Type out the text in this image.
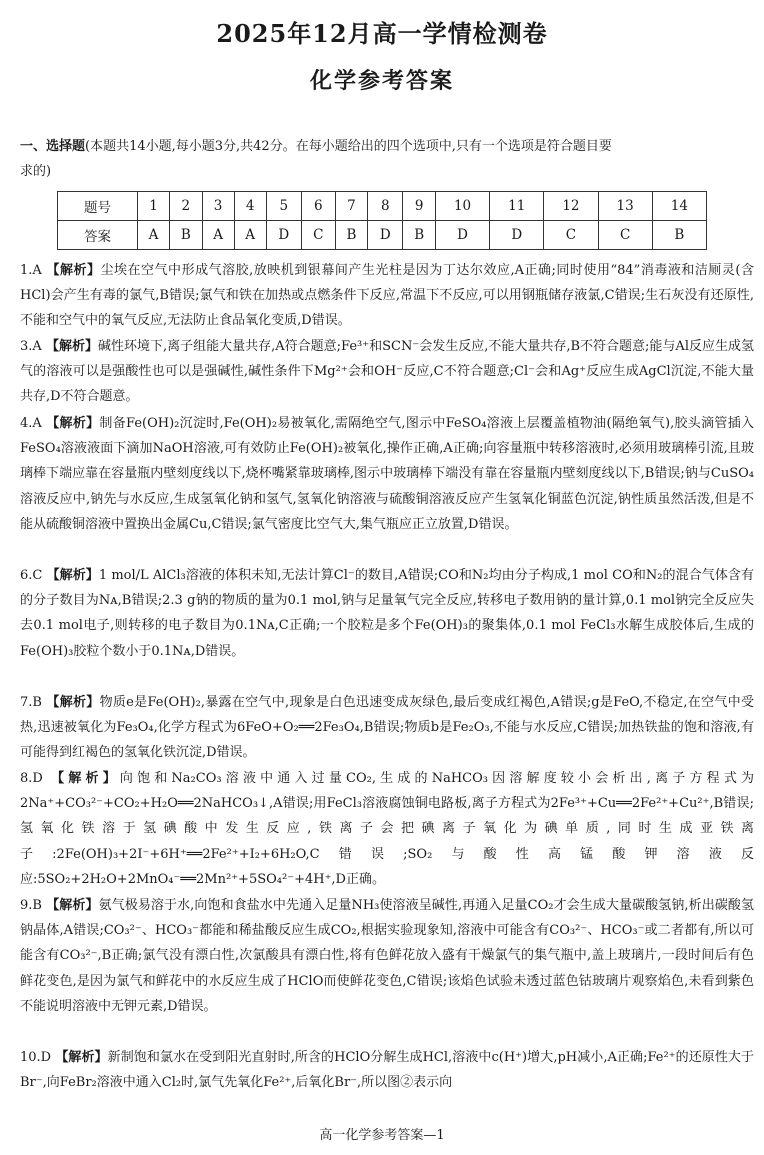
2025年12月高一学情检测卷
化学参考答案
一、选择题(本题共14小题,每小题3分,共42分。在每小题给出的四个选项中,只有一个选项是符合题目要
求的)
题号	1	2	3	4	5	6	7	8	9	10	11	12	13	14
答案	A	B	A	A	D	C	B	D	B	D	D	C	C	B
1.A 【解析】尘埃在空气中形成气溶胶,放映机到银幕间产生光柱是因为丁达尔效应,A正确;同时使用“84”消毒液和洁厕灵(含HCl)会产生有毒的氯气,B错误;氯气和铁在加热或点燃条件下反应,常温下不反应,可以用钢瓶储存液氯,C错误;生石灰没有还原性,不能和空气中的氧气反应,无法防止食品氧化变质,D错误。
3.A 【解析】碱性环境下,离子组能大量共存,A符合题意;Fe³⁺和SCN⁻会发生反应,不能大量共存,B不符合题意;能与Al反应生成氢气的溶液可以是强酸性也可以是强碱性,碱性条件下Mg²⁺会和OH⁻反应,C不符合题意;Cl⁻会和Ag⁺反应生成AgCl沉淀,不能大量共存,D不符合题意。
4.A 【解析】制备Fe(OH)₂沉淀时,Fe(OH)₂易被氧化,需隔绝空气,图示中FeSO₄溶液上层覆盖植物油(隔绝氧气),胶头滴管插入FeSO₄溶液液面下滴加NaOH溶液,可有效防止Fe(OH)₂被氧化,操作正确,A正确;向容量瓶中转移溶液时,必须用玻璃棒引流,且玻璃棒下端应靠在容量瓶内壁刻度线以下,烧杯嘴紧靠玻璃棒,图示中玻璃棒下端没有靠在容量瓶内壁刻度线以下,B错误;钠与CuSO₄溶液反应中,钠先与水反应,生成氢氧化钠和氢气,氢氧化钠溶液与硫酸铜溶液反应产生氢氧化铜蓝色沉淀,钠性质虽然活泼,但是不能从硫酸铜溶液中置换出金属Cu,C错误;氯气密度比空气大,集气瓶应正立放置,D错误。
6.C 【解析】1 mol/L AlCl₃溶液的体积未知,无法计算Cl⁻的数目,A错误;CO和N₂均由分子构成,1 mol CO和N₂的混合气体含有的分子数目为Nᴀ,B错误;2.3 g钠的物质的量为0.1 mol,钠与足量氧气完全反应,转移电子数用钠的量计算,0.1 mol钠完全反应失去0.1 mol电子,则转移的电子数目为0.1Nᴀ,C正确;一个胶粒是多个Fe(OH)₃的聚集体,0.1 mol FeCl₃水解生成胶体后,生成的Fe(OH)₃胶粒个数小于0.1Nᴀ,D错误。
7.B 【解析】物质e是Fe(OH)₂,暴露在空气中,现象是白色迅速变成灰绿色,最后变成红褐色,A错误;g是FeO,不稳定,在空气中受热,迅速被氧化为Fe₃O₄,化学方程式为6FeO+O₂══2Fe₃O₄,B错误;物质b是Fe₂O₃,不能与水反应,C错误;加热铁盐的饱和溶液,有可能得到红褐色的氢氧化铁沉淀,D错误。
8.D 【解析】向饱和Na₂CO₃溶液中通入过量CO₂,生成的NaHCO₃因溶解度较小会析出,离子方程式为2Na⁺+CO₃²⁻+CO₂+H₂O══2NaHCO₃↓,A错误;用FeCl₃溶液腐蚀铜电路板,离子方程式为2Fe³⁺+Cu══2Fe²⁺+Cu²⁺,B错误;氢氧化铁溶于氢碘酸中发生反应,铁离子会把碘离子氧化为碘单质,同时生成亚铁离子:2Fe(OH)₃+2I⁻+6H⁺══2Fe²⁺+I₂+6H₂O,C错误;SO₂与酸性高锰酸钾溶液反应:5SO₂+2H₂O+2MnO₄⁻══2Mn²⁺+5SO₄²⁻+4H⁺,D正确。
9.B 【解析】氨气极易溶于水,向饱和食盐水中先通入足量NH₃使溶液呈碱性,再通入足量CO₂才会生成大量碳酸氢钠,析出碳酸氢钠晶体,A错误;CO₃²⁻、HCO₃⁻都能和稀盐酸反应生成CO₂,根据实验现象知,溶液中可能含有CO₃²⁻、HCO₃⁻或二者都有,所以可能含有CO₃²⁻,B正确;氯气没有漂白性,次氯酸具有漂白性,将有色鲜花放入盛有干燥氯气的集气瓶中,盖上玻璃片,一段时间后有色鲜花变色,是因为氯气和鲜花中的水反应生成了HClO而使鲜花变色,C错误;该焰色试验未透过蓝色钴玻璃片观察焰色,未看到紫色不能说明溶液中无钾元素,D错误。
10.D 【解析】新制饱和氯水在受到阳光直射时,所含的HClO分解生成HCl,溶液中c(H⁺)增大,pH减小,A正确;Fe²⁺的还原性大于Br⁻,向FeBr₂溶液中通入Cl₂时,氯气先氧化Fe²⁺,后氧化Br⁻,所以图②表示向
高一化学参考答案—1
